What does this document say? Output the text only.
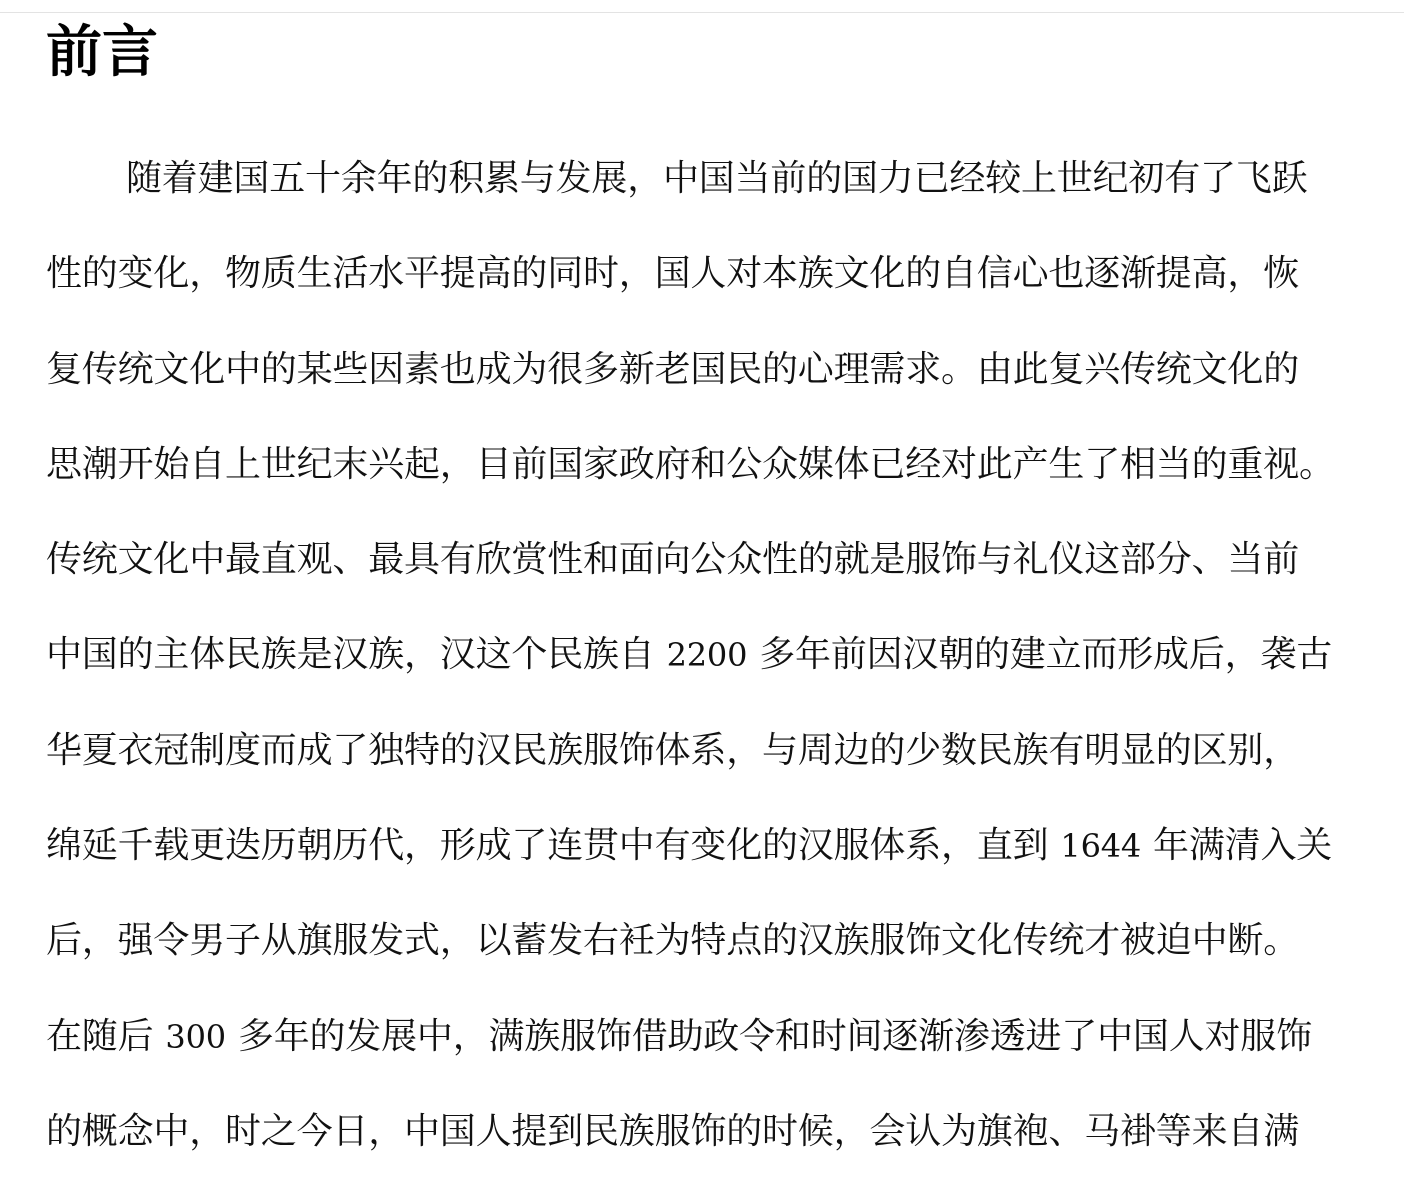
前言
随着建国五十余年的积累与发展，中国当前的国力已经较上世纪初有了飞跃
性的变化，物质生活水平提高的同时，国人对本族文化的自信心也逐渐提高，恢
复传统文化中的某些因素也成为很多新老国民的心理需求。由此复兴传统文化的
思潮开始自上世纪末兴起，目前国家政府和公众媒体已经对此产生了相当的重视。
传统文化中最直观、最具有欣赏性和面向公众性的就是服饰与礼仪这部分、当前
中国的主体民族是汉族，汉这个民族自 2200 多年前因汉朝的建立而形成后，袭古
华夏衣冠制度而成了独特的汉民族服饰体系，与周边的少数民族有明显的区别，
绵延千载更迭历朝历代，形成了连贯中有变化的汉服体系，直到 1644 年满清入关
后，强令男子从旗服发式，以蓄发右衽为特点的汉族服饰文化传统才被迫中断。
在随后 300 多年的发展中，满族服饰借助政令和时间逐渐渗透进了中国人对服饰
的概念中，时之今日，中国人提到民族服饰的时候，会认为旗袍、马褂等来自满
